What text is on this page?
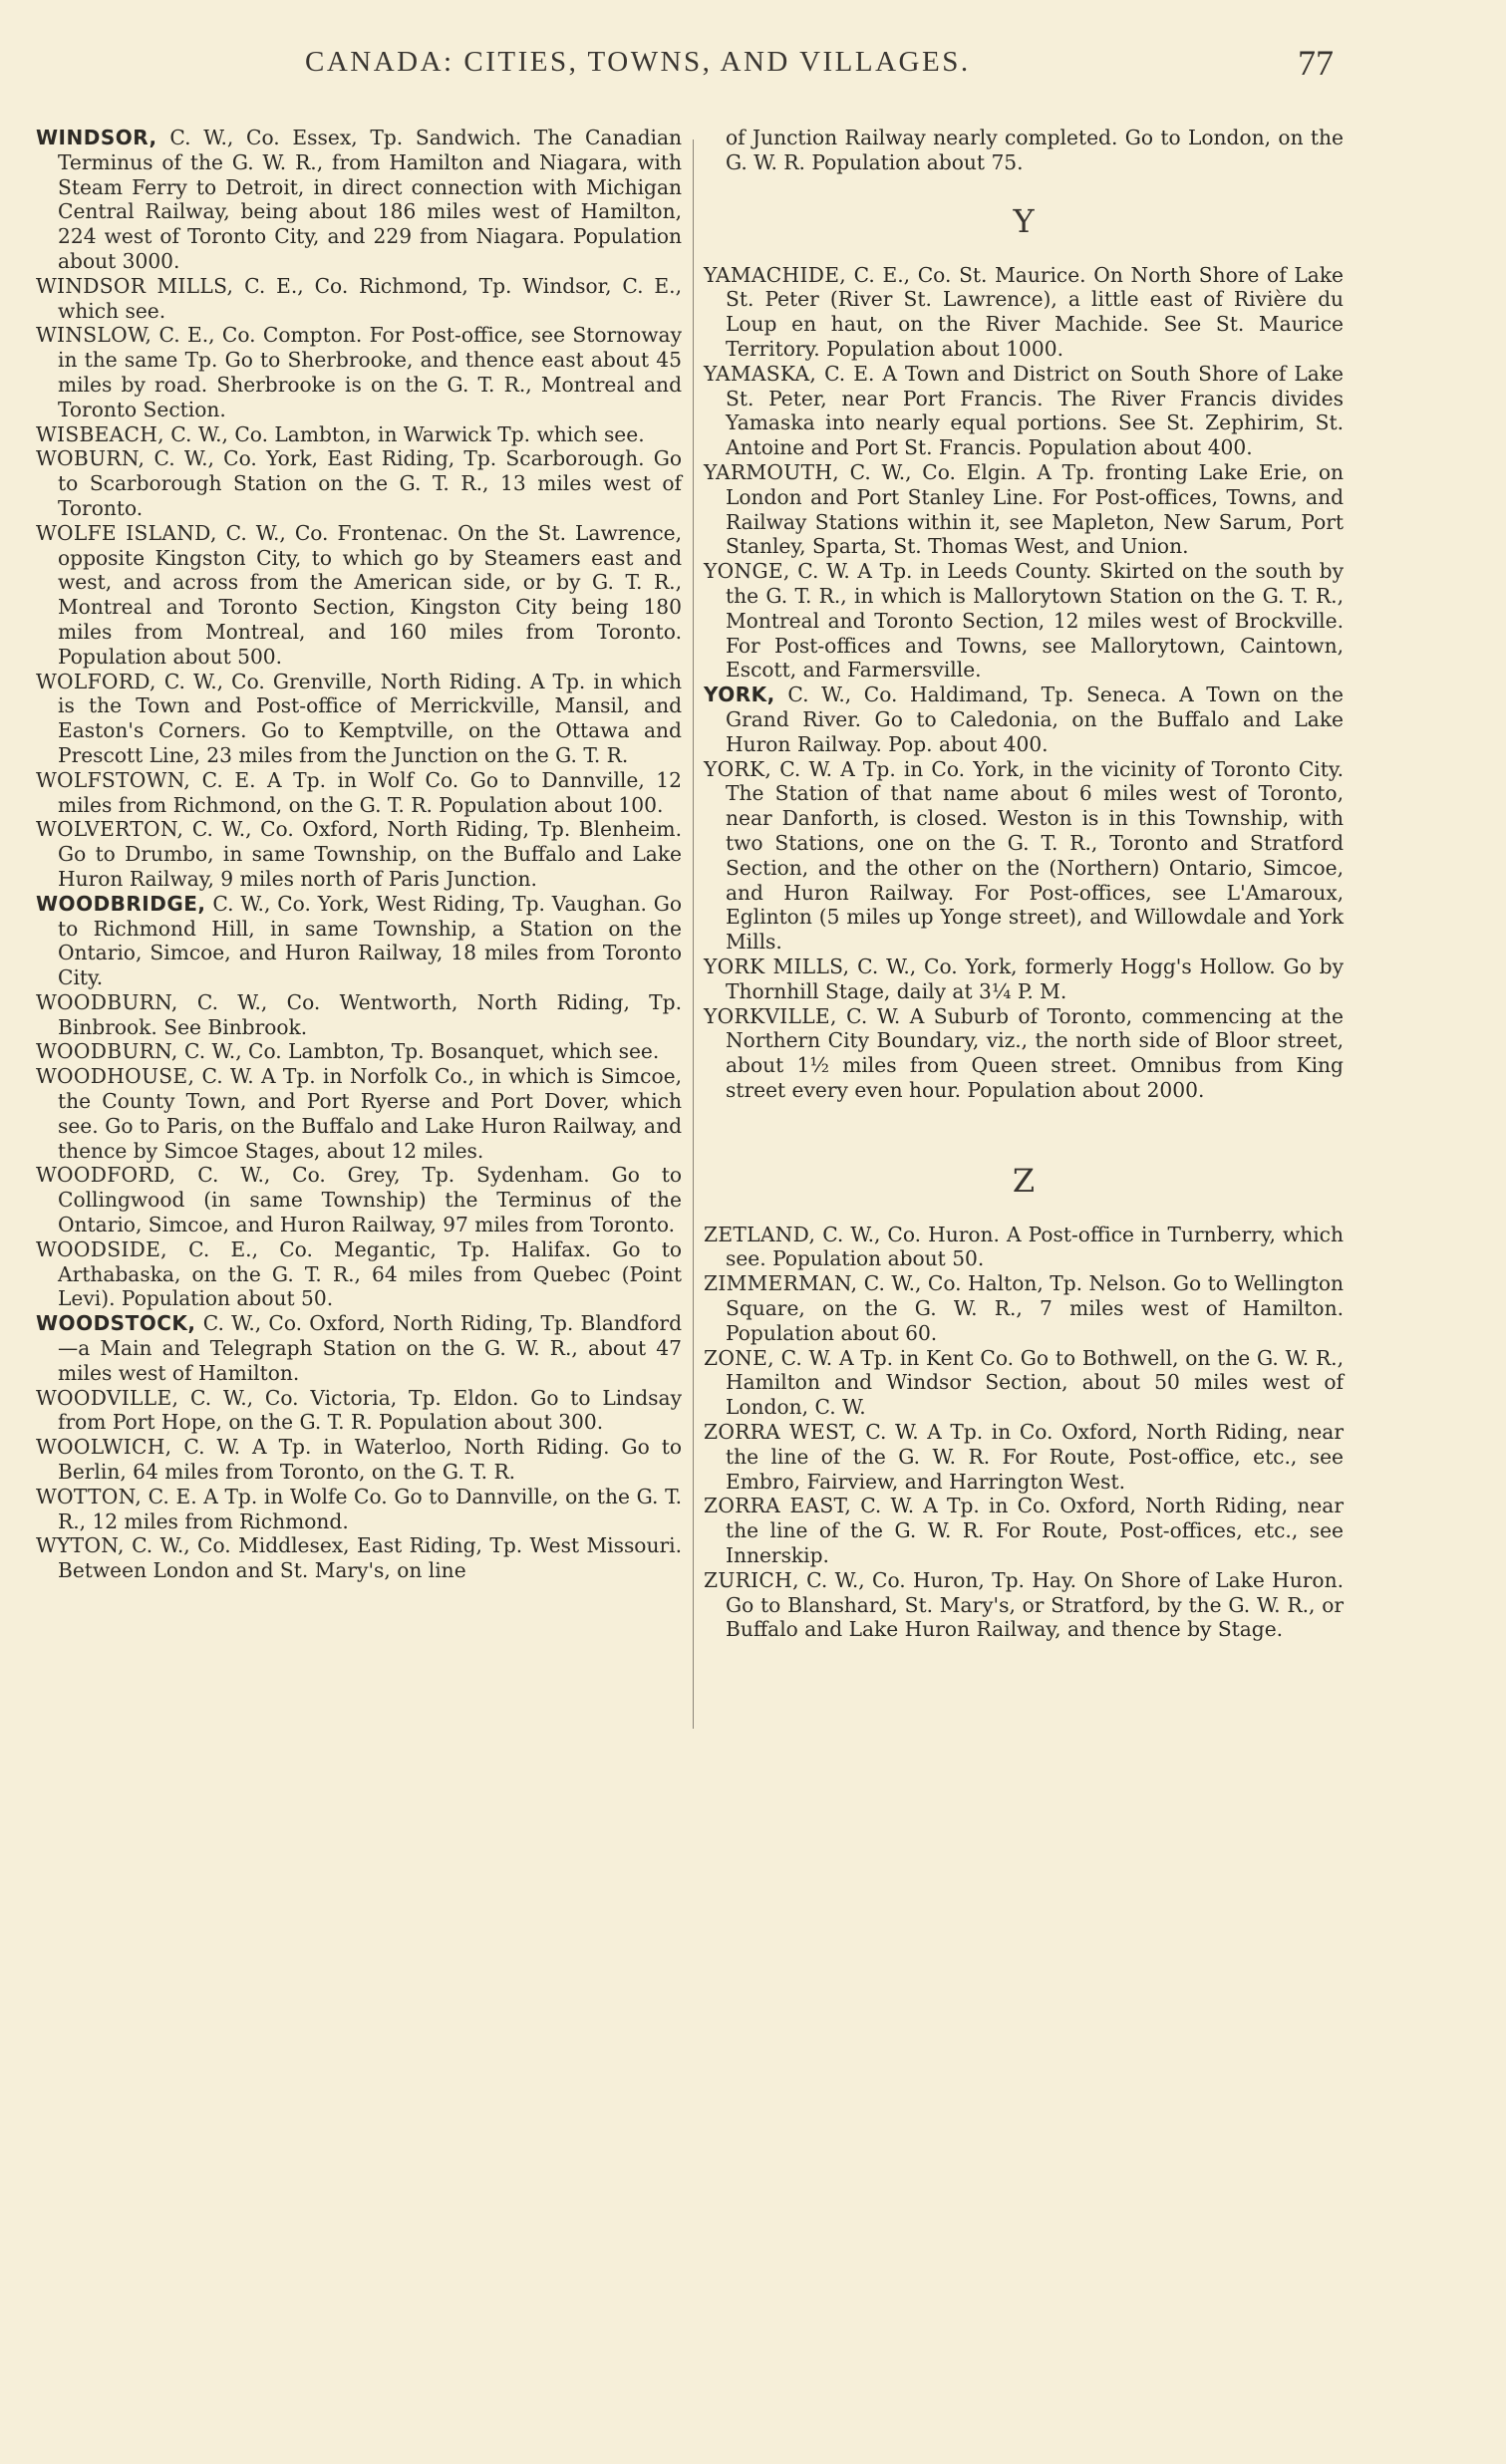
CANADA: CITIES, TOWNS, AND VILLAGES.	77

WINDSOR, C. W., Co. Essex, Tp. Sandwich. The Canadian Terminus of the G. W. R., from Hamilton and Niagara, with Steam Ferry to Detroit, in direct connection with Michigan Central Railway, being about 186 miles west of Hamilton, 224 west of Toronto City, and 229 from Niagara. Population about 3000.

WINDSOR MILLS, C. E., Co. Richmond, Tp. Windsor, C. E., which see.

WINSLOW, C. E., Co. Compton. For Post-office, see Stornoway in the same Tp. Go to Sherbrooke, and thence east about 45 miles by road. Sherbrooke is on the G. T. R., Montreal and Toronto Section.

WISBEACH, C. W., Co. Lambton, in Warwick Tp. which see.

WOBURN, C. W., Co. York, East Riding, Tp. Scarborough. Go to Scarborough Station on the G. T. R., 13 miles west of Toronto.

WOLFE ISLAND, C. W., Co. Frontenac. On the St. Lawrence, opposite Kingston City, to which go by Steamers east and west, and across from the American side, or by G. T. R., Montreal and Toronto Section, Kingston City being 180 miles from Montreal, and 160 miles from Toronto. Population about 500.

WOLFORD, C. W., Co. Grenville, North Riding. A Tp. in which is the Town and Post-office of Merrickville, Mansil, and Easton's Corners. Go to Kemptville, on the Ottawa and Prescott Line, 23 miles from the Junction on the G. T. R.

WOLFSTOWN, C. E. A Tp. in Wolf Co. Go to Dannville, 12 miles from Richmond, on the G. T. R. Population about 100.

WOLVERTON, C. W., Co. Oxford, North Riding, Tp. Blenheim. Go to Drumbo, in same Township, on the Buffalo and Lake Huron Railway, 9 miles north of Paris Junction.

WOODBRIDGE, C. W., Co. York, West Riding, Tp. Vaughan. Go to Richmond Hill, in same Township, a Station on the Ontario, Simcoe, and Huron Railway, 18 miles from Toronto City.

WOODBURN, C. W., Co. Wentworth, North Riding, Tp. Binbrook. See Binbrook.

WOODBURN, C. W., Co. Lambton, Tp. Bosanquet, which see.

WOODHOUSE, C. W. A Tp. in Norfolk Co., in which is Simcoe, the County Town, and Port Ryerse and Port Dover, which see. Go to Paris, on the Buffalo and Lake Huron Railway, and thence by Simcoe Stages, about 12 miles.

WOODFORD, C. W., Co. Grey, Tp. Sydenham. Go to Collingwood (in same Township) the Terminus of the Ontario, Simcoe, and Huron Railway, 97 miles from Toronto.

WOODSIDE, C. E., Co. Megantic, Tp. Halifax. Go to Arthabaska, on the G. T. R., 64 miles from Quebec (Point Levi). Population about 50.

WOODSTOCK, C. W., Co. Oxford, North Riding, Tp. Blandford—a Main and Telegraph Station on the G. W. R., about 47 miles west of Hamilton.

WOODVILLE, C. W., Co. Victoria, Tp. Eldon. Go to Lindsay from Port Hope, on the G. T. R. Population about 300.

WOOLWICH, C. W. A Tp. in Waterloo, North Riding. Go to Berlin, 64 miles from Toronto, on the G. T. R.

WOTTON, C. E. A Tp. in Wolfe Co. Go to Dannville, on the G. T. R., 12 miles from Richmond.

WYTON, C. W., Co. Middlesex, East Riding, Tp. West Missouri. Between London and St. Mary's, on line

of Junction Railway nearly completed. Go to London, on the G. W. R. Population about 75.

Y

YAMACHIDE, C. E., Co. St. Maurice. On North Shore of Lake St. Peter (River St. Lawrence), a little east of Rivière du Loup en haut, on the River Machide. See St. Maurice Territory. Population about 1000.

YAMASKA, C. E. A Town and District on South Shore of Lake St. Peter, near Port Francis. The River Francis divides Yamaska into nearly equal portions. See St. Zephirim, St. Antoine and Port St. Francis. Population about 400.

YARMOUTH, C. W., Co. Elgin. A Tp. fronting Lake Erie, on London and Port Stanley Line. For Post-offices, Towns, and Railway Stations within it, see Mapleton, New Sarum, Port Stanley, Sparta, St. Thomas West, and Union.

YONGE, C. W. A Tp. in Leeds County. Skirted on the south by the G. T. R., in which is Mallorytown Station on the G. T. R., Montreal and Toronto Section, 12 miles west of Brockville. For Post-offices and Towns, see Mallorytown, Caintown, Escott, and Farmersville.

YORK, C. W., Co. Haldimand, Tp. Seneca. A Town on the Grand River. Go to Caledonia, on the Buffalo and Lake Huron Railway. Pop. about 400.

YORK, C. W. A Tp. in Co. York, in the vicinity of Toronto City. The Station of that name about 6 miles west of Toronto, near Danforth, is closed. Weston is in this Township, with two Stations, one on the G. T. R., Toronto and Stratford Section, and the other on the (Northern) Ontario, Simcoe, and Huron Railway. For Post-offices, see L'Amaroux, Eglinton (5 miles up Yonge street), and Willowdale and York Mills.

YORK MILLS, C. W., Co. York, formerly Hogg's Hollow. Go by Thornhill Stage, daily at 3¼ P. M.

YORKVILLE, C. W. A Suburb of Toronto, commencing at the Northern City Boundary, viz., the north side of Bloor street, about 1½ miles from Queen street. Omnibus from King street every even hour. Population about 2000.

Z

ZETLAND, C. W., Co. Huron. A Post-office in Turnberry, which see. Population about 50.

ZIMMERMAN, C. W., Co. Halton, Tp. Nelson. Go to Wellington Square, on the G. W. R., 7 miles west of Hamilton. Population about 60.

ZONE, C. W. A Tp. in Kent Co. Go to Bothwell, on the G. W. R., Hamilton and Windsor Section, about 50 miles west of London, C. W.

ZORRA WEST, C. W. A Tp. in Co. Oxford, North Riding, near the line of the G. W. R. For Route, Post-office, etc., see Embro, Fairview, and Harrington West.

ZORRA EAST, C. W. A Tp. in Co. Oxford, North Riding, near the line of the G. W. R. For Route, Post-offices, etc., see Innerskip.

ZURICH, C. W., Co. Huron, Tp. Hay. On Shore of Lake Huron. Go to Blanshard, St. Mary's, or Stratford, by the G. W. R., or Buffalo and Lake Huron Railway, and thence by Stage.
